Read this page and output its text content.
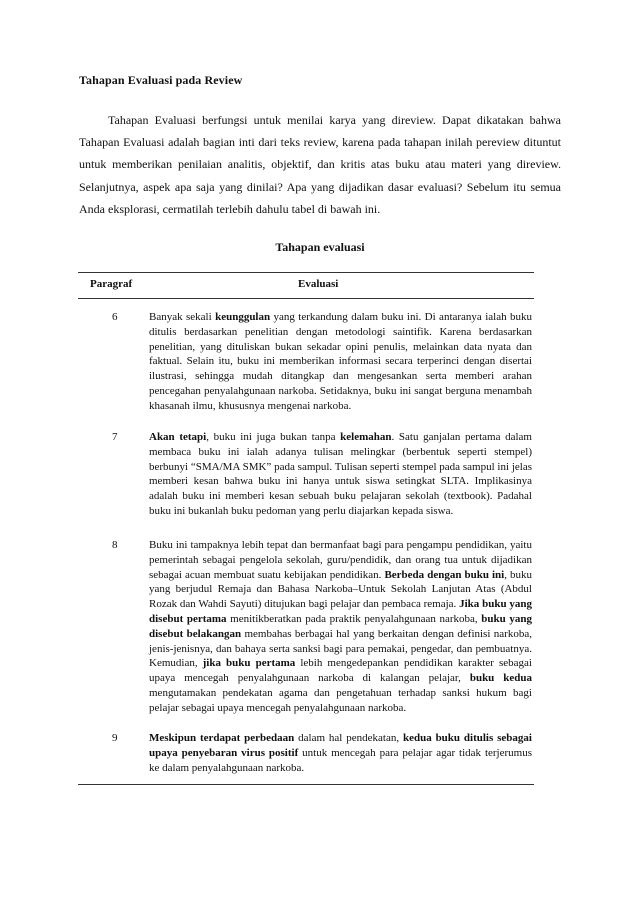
Tahapan Evaluasi pada Review

Tahapan Evaluasi berfungsi untuk menilai karya yang direview. Dapat dikatakan bahwa Tahapan Evaluasi adalah bagian inti dari teks review, karena pada tahapan inilah pereview dituntut untuk memberikan penilaian analitis, objektif, dan kritis atas buku atau materi yang direview. Selanjutnya, aspek apa saja yang dinilai? Apa yang dijadikan dasar evaluasi? Sebelum itu semua Anda eksplorasi, cermatilah terlebih dahulu tabel di bawah ini.

Tahapan evaluasi
Paragraf	Evaluasi
6	Banyak sekali keunggulan yang terkandung dalam buku ini. Di antaranya ialah buku ditulis berdasarkan penelitian dengan metodologi saintifik. Karena berdasarkan penelitian, yang dituliskan bukan sekadar opini penulis, melainkan data nyata dan faktual. Selain itu, buku ini memberikan informasi secara terperinci dengan disertai ilustrasi, sehingga mudah ditangkap dan mengesankan serta memberi arahan pencegahan penyalahgunaan narkoba. Setidaknya, buku ini sangat berguna menambah khasanah ilmu, khususnya mengenai narkoba.

7	Akan tetapi, buku ini juga bukan tanpa kelemahan. Satu ganjalan pertama dalam membaca buku ini ialah adanya tulisan melingkar (berbentuk seperti stempel) berbunyi “SMA/MA SMK” pada sampul. Tulisan seperti stempel pada sampul ini jelas memberi kesan bahwa buku ini hanya untuk siswa setingkat SLTA. Implikasinya adalah buku ini memberi kesan sebuah buku pelajaran sekolah (textbook). Padahal buku ini bukanlah buku pedoman yang perlu diajarkan kepada siswa.

8	Buku ini tampaknya lebih tepat dan bermanfaat bagi para pengampu pendidikan, yaitu pemerintah sebagai pengelola sekolah, guru/pendidik, dan orang tua untuk dijadikan sebagai acuan membuat suatu kebijakan pendidikan. Berbeda dengan buku ini, buku yang berjudul Remaja dan Bahasa Narkoba–Untuk Sekolah Lanjutan Atas (Abdul Rozak dan Wahdi Sayuti) ditujukan bagi pelajar dan pembaca remaja. Jika buku yang disebut pertama menitikberatkan pada praktik penyalahgunaan narkoba, buku yang disebut belakangan membahas berbagai hal yang berkaitan dengan definisi narkoba, jenis-jenisnya, dan bahaya serta sanksi bagi para pemakai, pengedar, dan pembuatnya. Kemudian, jika buku pertama lebih mengedepankan pendidikan karakter sebagai upaya mencegah penyalahgunaan narkoba di kalangan pelajar, buku kedua mengutamakan pendekatan agama dan pengetahuan terhadap sanksi hukum bagi pelajar sebagai upaya mencegah penyalahgunaan narkoba.

9	Meskipun terdapat perbedaan dalam hal pendekatan, kedua buku ditulis sebagai upaya penyebaran virus positif untuk mencegah para pelajar agar tidak terjerumus ke dalam penyalahgunaan narkoba.
